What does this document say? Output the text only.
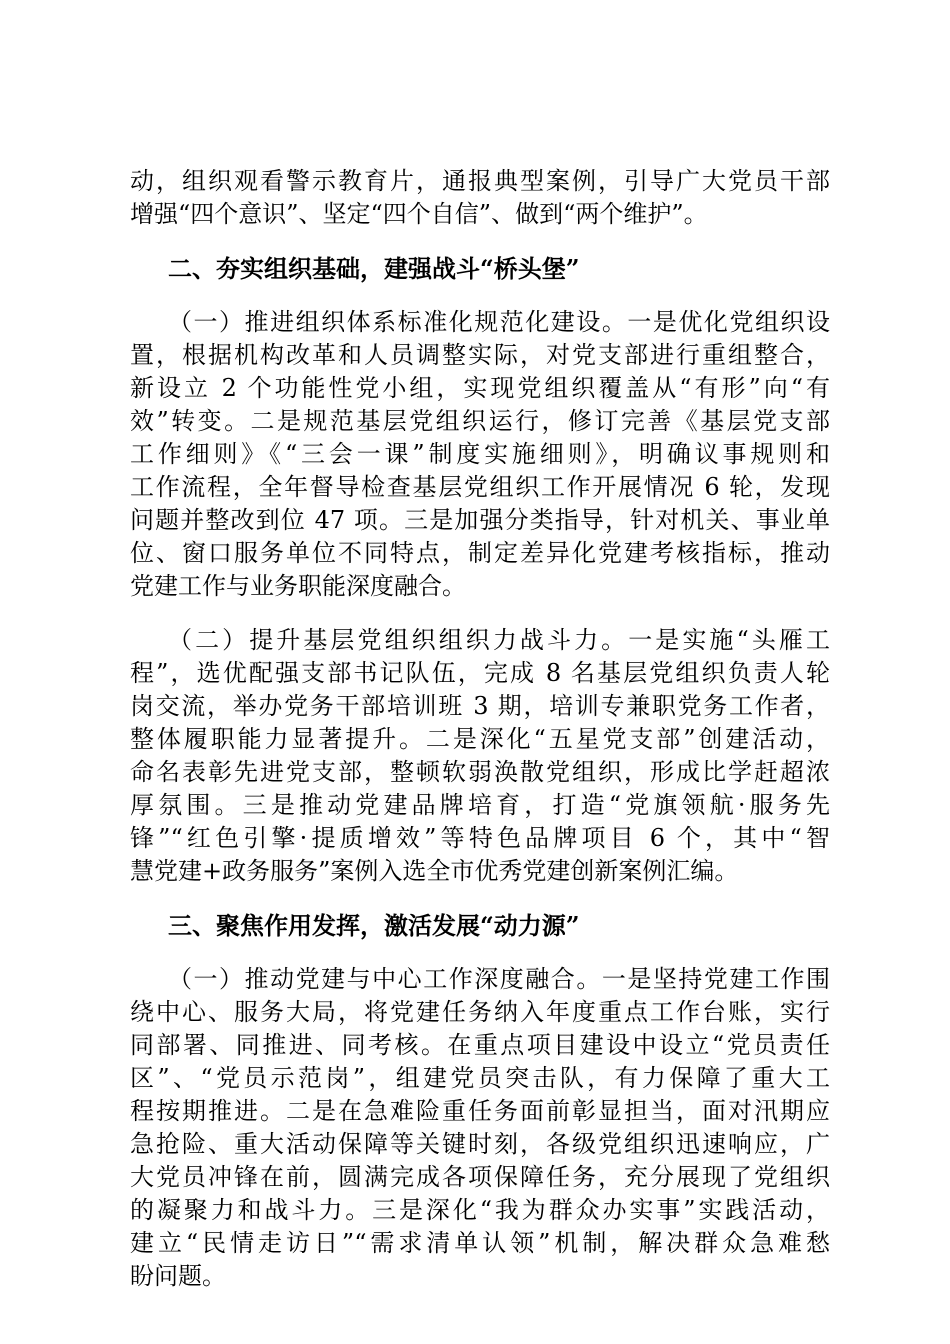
动，组织观看警示教育片，通报典型案例，引导广大党员干部
增强“四个意识”、坚定“四个自信”、做到“两个维护”。
二、夯实组织基础，建强战斗“桥头堡”
（一）推进组织体系标准化规范化建设。一是优化党组织设
置，根据机构改革和人员调整实际，对党支部进行重组整合，
新设立 2 个功能性党小组，实现党组织覆盖从“有形”向“有
效”转变。二是规范基层党组织运行，修订完善《基层党支部
工作细则》《“三会一课”制度实施细则》，明确议事规则和
工作流程，全年督导检查基层党组织工作开展情况 6 轮，发现
问题并整改到位 47 项。三是加强分类指导，针对机关、事业单
位、窗口服务单位不同特点，制定差异化党建考核指标，推动
党建工作与业务职能深度融合。
（二）提升基层党组织组织力战斗力。一是实施“头雁工
程”，选优配强支部书记队伍，完成 8 名基层党组织负责人轮
岗交流，举办党务干部培训班 3 期，培训专兼职党务工作者，
整体履职能力显著提升。二是深化“五星党支部”创建活动，
命名表彰先进党支部，整顿软弱涣散党组织，形成比学赶超浓
厚氛围。三是推动党建品牌培育，打造“党旗领航·服务先
锋”“红色引擎·提质增效”等特色品牌项目 6 个，其中“智
慧党建+政务服务”案例入选全市优秀党建创新案例汇编。
三、聚焦作用发挥，激活发展“动力源”
（一）推动党建与中心工作深度融合。一是坚持党建工作围
绕中心、服务大局，将党建任务纳入年度重点工作台账，实行
同部署、同推进、同考核。在重点项目建设中设立“党员责任
区”、“党员示范岗”，组建党员突击队，有力保障了重大工
程按期推进。二是在急难险重任务面前彰显担当，面对汛期应
急抢险、重大活动保障等关键时刻，各级党组织迅速响应，广
大党员冲锋在前，圆满完成各项保障任务，充分展现了党组织
的凝聚力和战斗力。三是深化“我为群众办实事”实践活动，
建立“民情走访日”“需求清单认领”机制，解决群众急难愁
盼问题。
